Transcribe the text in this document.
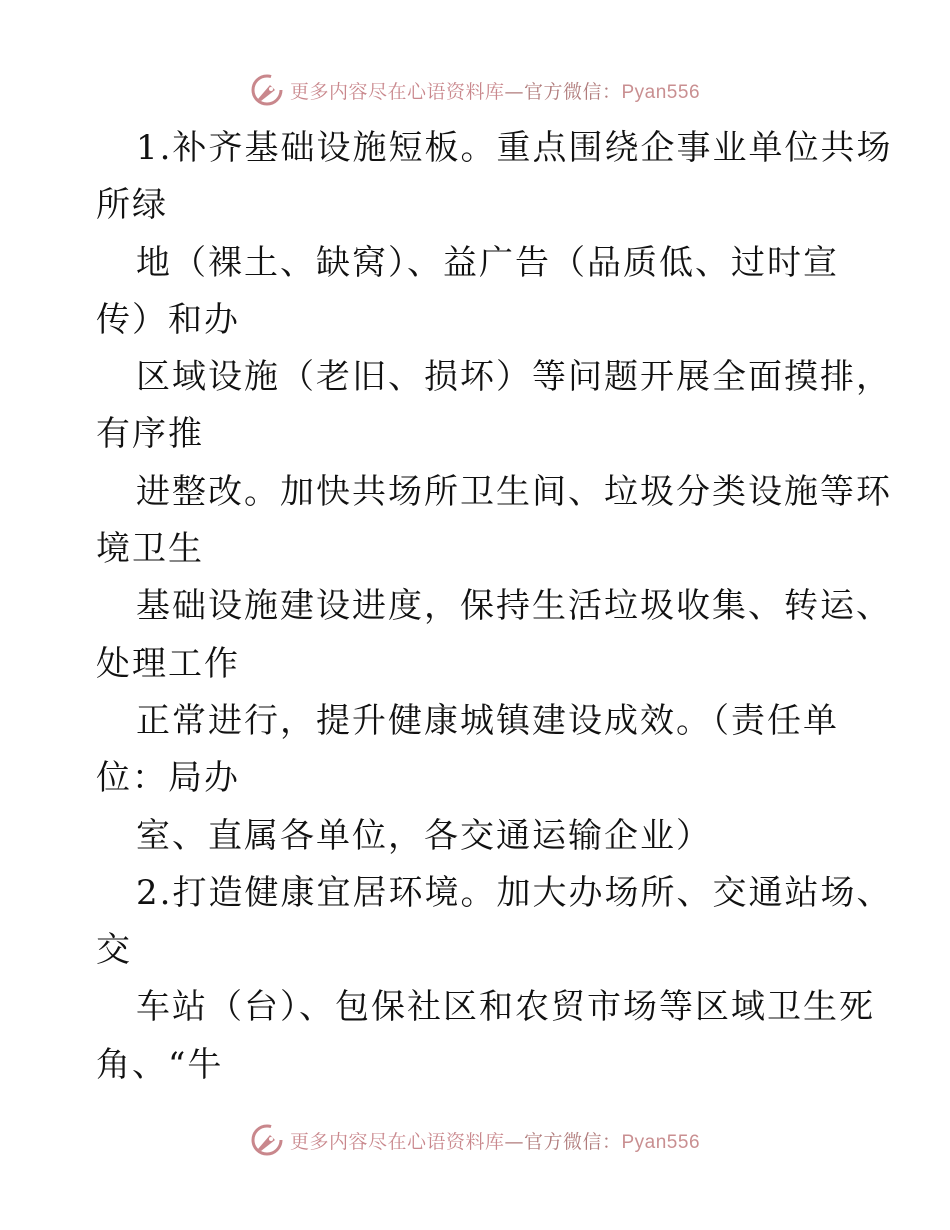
更多内容尽在心语资料库—官方微信：Pyan556
1.补齐基础设施短板。重点围绕企事业单位共场
所绿
地（裸土、缺窝）、益广告（品质低、过时宣
传）和办
区域设施（老旧、损坏）等问题开展全面摸排，
有序推
进整改。加快共场所卫生间、垃圾分类设施等环
境卫生
基础设施建设进度，保持生活垃圾收集、转运、
处理工作
正常进行，提升健康城镇建设成效。（责任单
位：局办
室、直属各单位，各交通运输企业）
2.打造健康宜居环境。加大办场所、交通站场、
交
车站（台）、包保社区和农贸市场等区域卫生死
角、“牛
更多内容尽在心语资料库—官方微信：Pyan556
